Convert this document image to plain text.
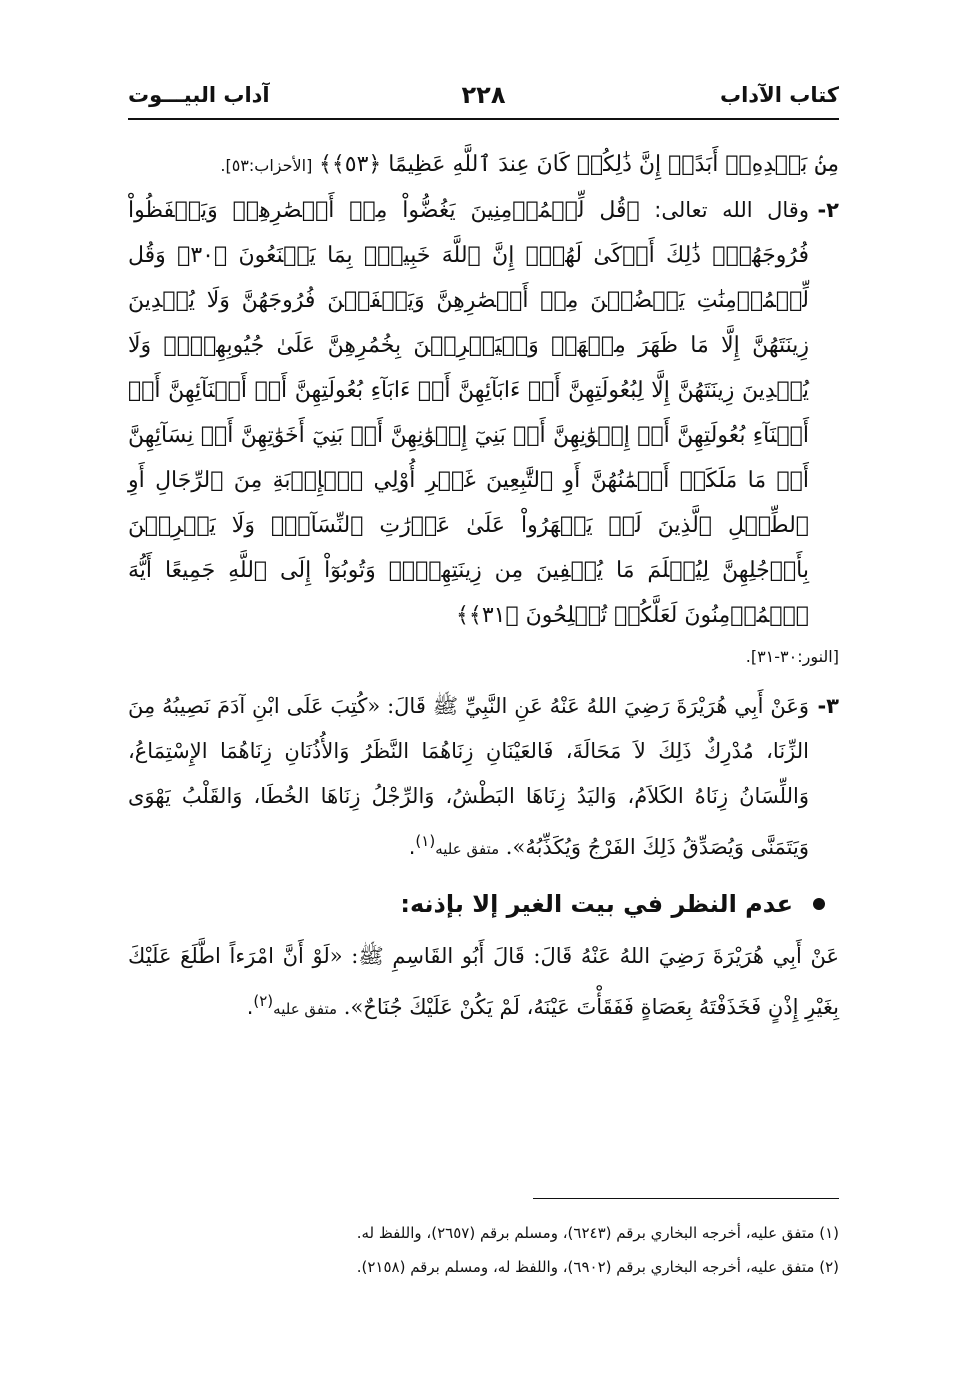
كتاب الآداب
٢٢٨
آداب البيـــوت

مِنۢ بَعۡدِهِۦٓ أَبَدًاۚ إِنَّ ذَٰلِكُمۡ كَانَ عِندَ ٱللَّهِ عَظِيمًا ﴿٥٣﴾﴾ [الأحزاب:٥٣].

٢-

وقال الله تعالى: ﴿قُل لِّلۡمُؤۡمِنِينَ يَغُضُّواْ مِنۡ أَبۡصَٰرِهِمۡ وَيَحۡفَظُواْ فُرُوجَهُمۡۚ ذَٰلِكَ أَزۡكَىٰ لَهُمۡۚ إِنَّ ٱللَّهَ خَبِيرُۢ بِمَا يَصۡنَعُونَ ﴿٣٠﴾ وَقُل لِّلۡمُؤۡمِنَٰتِ يَغۡضُضۡنَ مِنۡ أَبۡصَٰرِهِنَّ وَيَحۡفَظۡنَ فُرُوجَهُنَّ وَلَا يُبۡدِينَ زِينَتَهُنَّ إِلَّا مَا ظَهَرَ مِنۡهَاۖ وَلۡيَضۡرِبۡنَ بِخُمُرِهِنَّ عَلَىٰ جُيُوبِهِنَّۖ وَلَا يُبۡدِينَ زِينَتَهُنَّ إِلَّا لِبُعُولَتِهِنَّ أَوۡ ءَابَآئِهِنَّ أَوۡ ءَابَآءِ بُعُولَتِهِنَّ أَوۡ أَبۡنَآئِهِنَّ أَوۡ أَبۡنَآءِ بُعُولَتِهِنَّ أَوۡ إِخۡوَٰنِهِنَّ أَوۡ بَنِيٓ إِخۡوَٰنِهِنَّ أَوۡ بَنِيٓ أَخَوَٰتِهِنَّ أَوۡ نِسَآئِهِنَّ أَوۡ مَا مَلَكَتۡ أَيۡمَٰنُهُنَّ أَوِ ٱلتَّٰبِعِينَ غَيۡرِ أُوْلِي ٱلۡإِرۡبَةِ مِنَ ٱلرِّجَالِ أَوِ ٱلطِّفۡلِ ٱلَّذِينَ لَمۡ يَظۡهَرُواْ عَلَىٰ عَوۡرَٰتِ ٱلنِّسَآءِۖ وَلَا يَضۡرِبۡنَ بِأَرۡجُلِهِنَّ لِيُعۡلَمَ مَا يُخۡفِينَ مِن زِينَتِهِنَّۚ وَتُوبُوٓاْ إِلَى ٱللَّهِ جَمِيعًا أَيُّهَ ٱلۡمُؤۡمِنُونَ لَعَلَّكُمۡ تُفۡلِحُونَ ﴿٣١﴾﴾

[النور:٣٠-٣١].

٣-

وَعَنْ أَبِي هُرَيْرَةَ رَضِيَ اللهُ عَنْهُ عَنِ النَّبِيِّ ﷺ قَالَ: «كُتِبَ عَلَى ابْنِ آدَمَ نَصِيبُهُ مِنَ الزِّنَا، مُدْرِكٌ ذَلِكَ لاَ مَحَالَةَ، فَالعَيْنَانِ زِنَاهُمَا النَّظَرُ وَالأُذُنَانِ زِنَاهُمَا الإِسْتِمَاعُ، وَاللِّسَانُ زِنَاهُ الكَلاَمُ، وَاليَدُ زِنَاهَا البَطْشُ، وَالرِّجْلُ زِنَاهَا الخُطَا، وَالقَلْبُ يَهْوَى وَيَتَمَنَّى وَيُصَدِّقُ ذَلِكَ الفَرْجُ وَيُكَذِّبُهُ». متفق عليه$^{(١)}$.

عدم النظر في بيت الغير إلا بإذنه:

عَنْ أَبِي هُرَيْرَةَ رَضِيَ اللهُ عَنْهُ قَالَ: قَالَ أَبُو القَاسِمِ ﷺ: «لَوْ أَنَّ امْرَءاً اطَّلَعَ عَلَيْكَ بِغَيْرِ إِذْنٍ فَخَذَفْتَهُ بِعَصَاةٍ فَفَقَأْتَ عَيْنَهُ، لَمْ يَكُنْ عَلَيْكَ جُنَاحٌ». متفق عليه$^{(٢)}$.

(١) متفق عليه، أخرجه البخاري برقم (٦٢٤٣)، ومسلم برقم (٢٦٥٧)، واللفظ له.

(٢) متفق عليه، أخرجه البخاري برقم (٦٩٠٢)، واللفظ له، ومسلم برقم (٢١٥٨).
